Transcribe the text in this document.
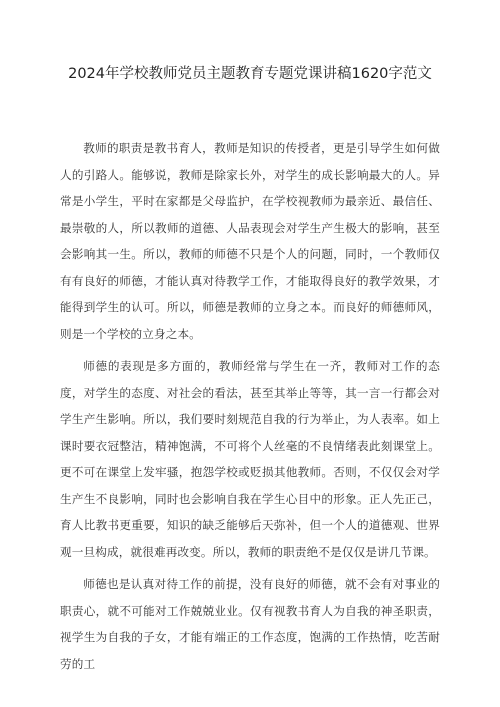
2024年学校教师党员主题教育专题党课讲稿1620字范文

教师的职责是教书育人，教师是知识的传授者，更是引导学生如何做人的引路人。能够说，教师是除家长外，对学生的成长影响最大的人。异常是小学生，平时在家都是父母监护，在学校视教师为最亲近、最信任、最崇敬的人，所以教师的道德、人品表现会对学生产生极大的影响，甚至会影响其一生。所以，教师的师德不只是个人的问题，同时，一个教师仅有有良好的师德，才能认真对待教学工作，才能取得良好的教学效果，才能得到学生的认可。所以，师德是教师的立身之本。而良好的师德师风，则是一个学校的立身之本。

师德的表现是多方面的，教师经常与学生在一齐，教师对工作的态度，对学生的态度、对社会的看法，甚至其举止等等，其一言一行都会对学生产生影响。所以，我们要时刻规范自我的行为举止，为人表率。如上课时要衣冠整洁，精神饱满，不可将个人丝毫的不良情绪表此刻课堂上。更不可在课堂上发牢骚，抱怨学校或贬损其他教师。否则，不仅仅会对学生产生不良影响，同时也会影响自我在学生心目中的形象。正人先正己，育人比教书更重要，知识的缺乏能够后天弥补，但一个人的道德观、世界观一旦构成，就很难再改变。所以，教师的职责绝不是仅仅是讲几节课。

师德也是认真对待工作的前提，没有良好的师德，就不会有对事业的职责心，就不可能对工作兢兢业业。仅有视教书育人为自我的神圣职责，视学生为自我的子女，才能有端正的工作态度，饱满的工作热情，吃苦耐劳的工
